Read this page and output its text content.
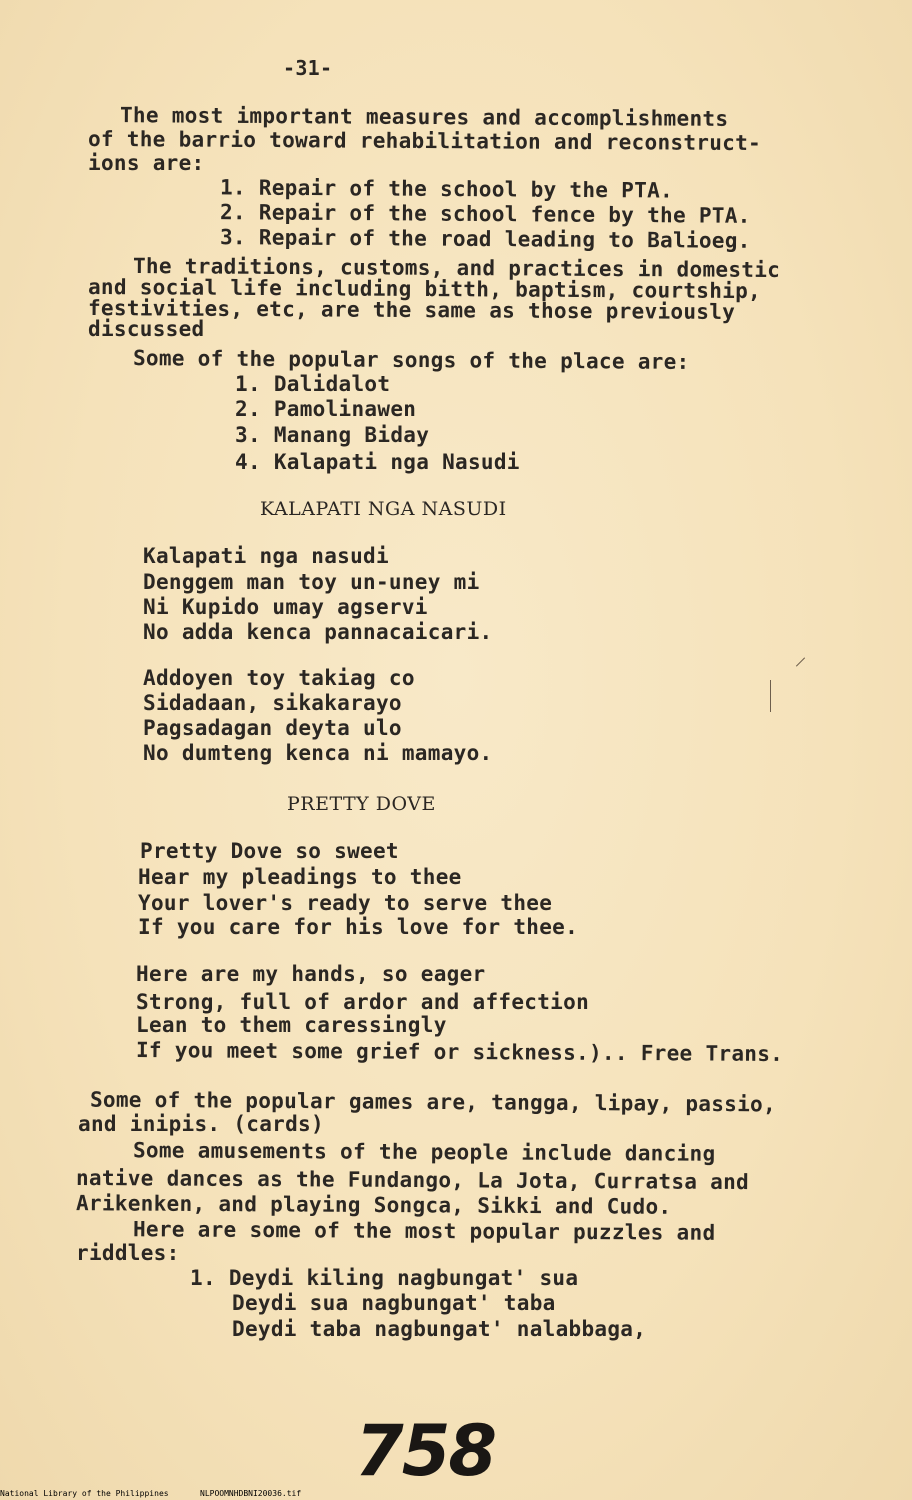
-31-
The most important measures and accomplishments
of the barrio toward rehabilitation and reconstruct-
ions are:
1. Repair of the school by the PTA.
2. Repair of the school fence by the PTA.
3. Repair of the road leading to Balioeg.
The traditions, customs, and practices in domestic
and social life including bitth, baptism, courtship,
festivities, etc, are the same as those previously
discussed
Some of the popular songs of the place are:
1. Dalidalot
2. Pamolinawen
3. Manang Biday
4. Kalapati nga Nasudi
KALAPATI NGA NASUDI
Kalapati nga nasudi
Denggem man toy un-uney mi
Ni Kupido umay agservi
No adda kenca pannacaicari.
Addoyen toy takiag co
Sidadaan, sikakarayo
Pagsadagan deyta ulo
No dumteng kenca ni mamayo.
PRETTY DOVE
Pretty Dove so sweet
Hear my pleadings to thee
Your lover's ready to serve thee
If you care for his love for thee.
Here are my hands, so eager
Strong, full of ardor and affection
Lean to them caressingly
If you meet some grief or sickness.).. Free Trans.
Some of the popular games are, tangga, lipay, passio,
and inipis. (cards)
Some amusements of the people include dancing
native dances as the Fundango, La Jota, Curratsa and
Arikenken, and playing Songca, Sikki and Cudo.
Here are some of the most popular puzzles and
riddles:
1. Deydi kiling nagbungat' sua
Deydi sua nagbungat' taba
Deydi taba nagbungat' nalabbaga,
758
National Library of the Philippines	NLPOOMNHDBNI20036.tif
